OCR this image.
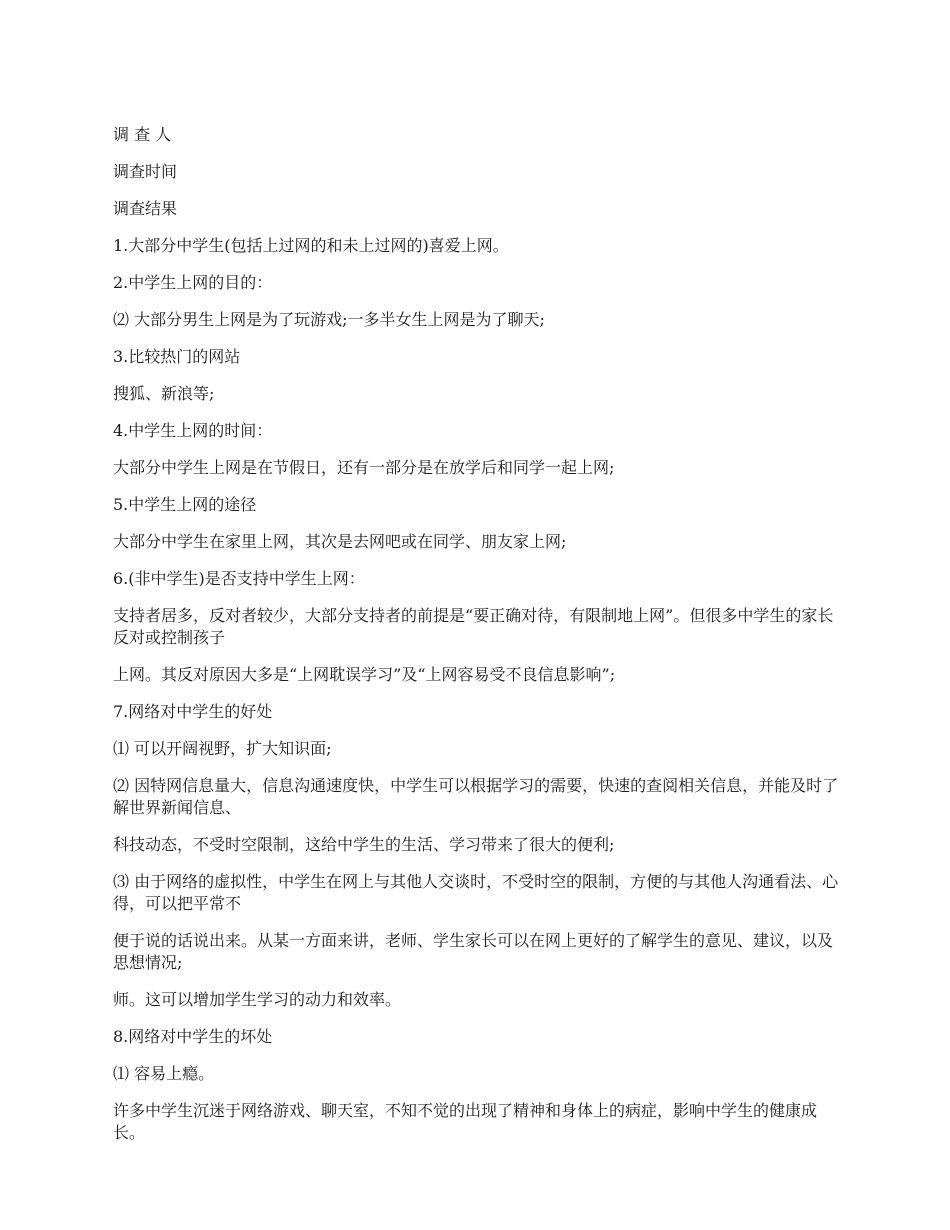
调 查 人

调查时间

调查结果

1.大部分中学生(包括上过网的和未上过网的)喜爱上网。

2.中学生上网的目的：

⑵ 大部分男生上网是为了玩游戏;一多半女生上网是为了聊天;

3.比较热门的网站

搜狐、新浪等;

4.中学生上网的时间：

大部分中学生上网是在节假日，还有一部分是在放学后和同学一起上网;

5.中学生上网的途径

大部分中学生在家里上网，其次是去网吧或在同学、朋友家上网;

6.(非中学生)是否支持中学生上网：

支持者居多，反对者较少，大部分支持者的前提是“要正确对待，有限制地上网”。但很多中学生的家长反对或控制孩子

上网。其反对原因大多是“上网耽误学习”及“上网容易受不良信息影响”;

7.网络对中学生的好处

⑴ 可以开阔视野，扩大知识面;

⑵ 因特网信息量大，信息沟通速度快，中学生可以根据学习的需要，快速的查阅相关信息，并能及时了解世界新闻信息、

科技动态，不受时空限制，这给中学生的生活、学习带来了很大的便利;

⑶ 由于网络的虚拟性，中学生在网上与其他人交谈时，不受时空的限制，方便的与其他人沟通看法、心得，可以把平常不

便于说的话说出来。从某一方面来讲，老师、学生家长可以在网上更好的了解学生的意见、建议，以及思想情况;

师。这可以增加学生学习的动力和效率。

8.网络对中学生的坏处

⑴ 容易上瘾。

许多中学生沉迷于网络游戏、聊天室，不知不觉的出现了精神和身体上的病症，影响中学生的健康成长。
